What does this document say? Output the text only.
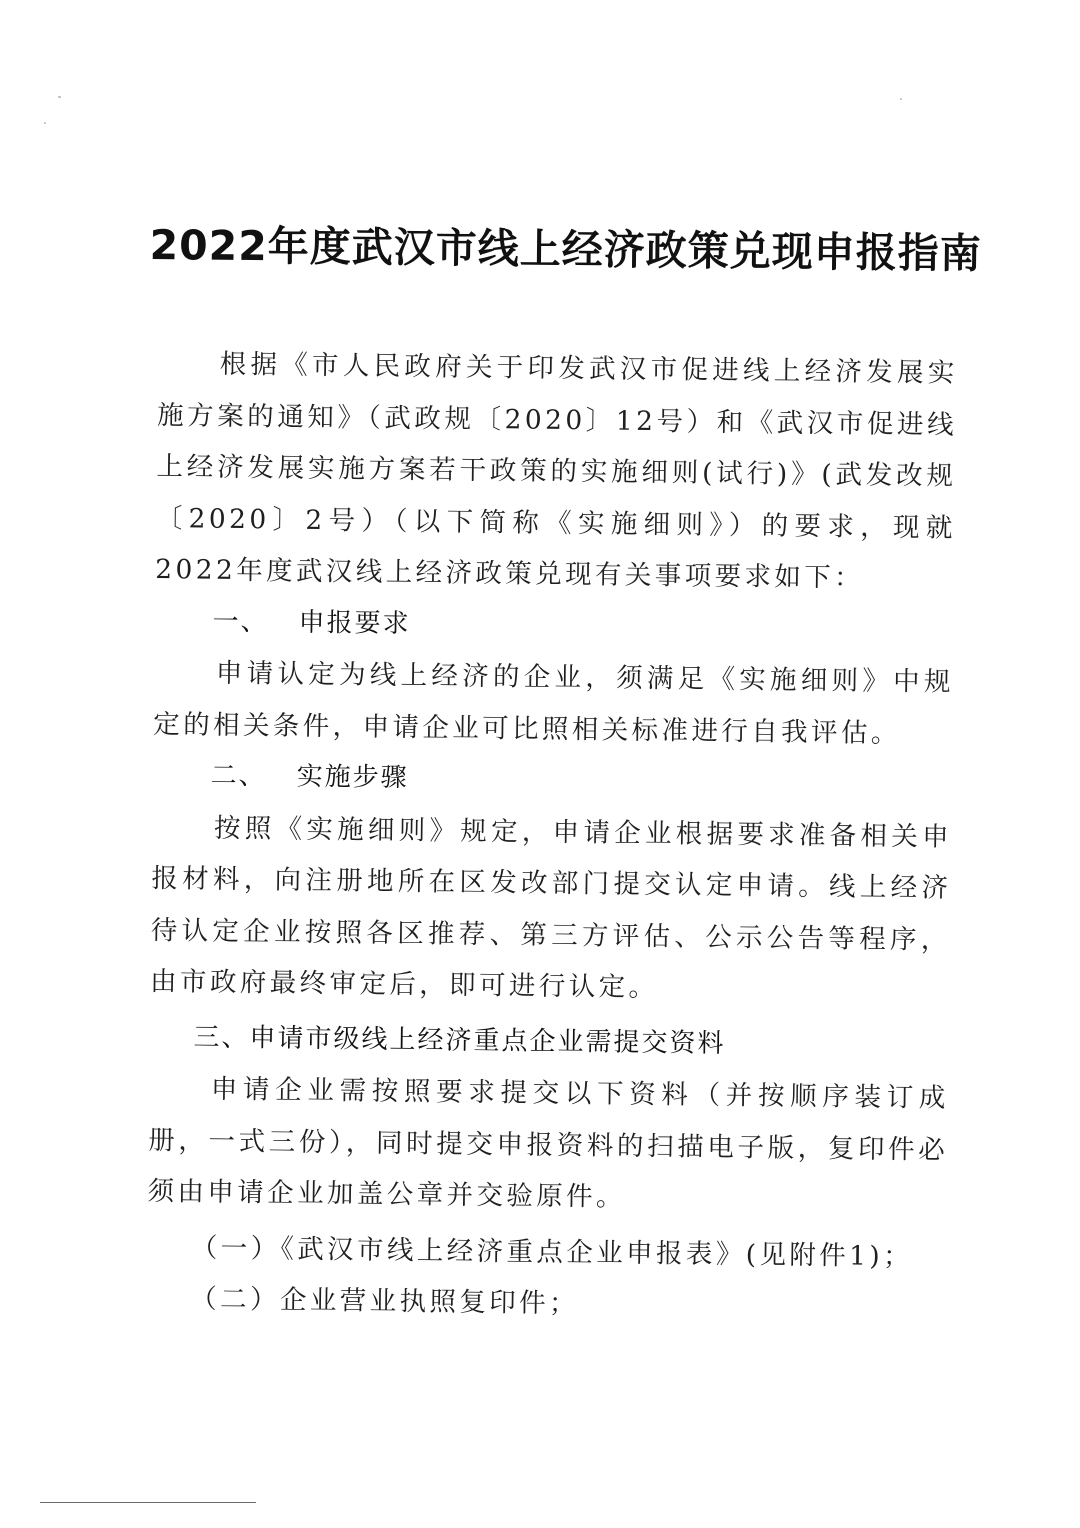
2022年度武汉市线上经济政策兑现申报指南

根据《市人民政府关于印发武汉市促进线上经济发展实施方案的通知》（武政规〔2020〕12号）和《武汉市促进线上经济发展实施方案若干政策的实施细则(试行)》(武发改规〔2020〕2号）（以下简称《实施细则》）的要求，现就2022年度武汉线上经济政策兑现有关事项要求如下：

一、 申报要求

申请认定为线上经济的企业，须满足《实施细则》中规定的相关条件，申请企业可比照相关标准进行自我评估。

二、 实施步骤

按照《实施细则》规定，申请企业根据要求准备相关申报材料，向注册地所在区发改部门提交认定申请。线上经济待认定企业按照各区推荐、第三方评估、公示公告等程序，由市政府最终审定后，即可进行认定。

三、申请市级线上经济重点企业需提交资料

申请企业需按照要求提交以下资料（并按顺序装订成册，一式三份），同时提交申报资料的扫描电子版，复印件必须由申请企业加盖公章并交验原件。

（一）《武汉市线上经济重点企业申报表》(见附件1)；

（二）企业营业执照复印件；
